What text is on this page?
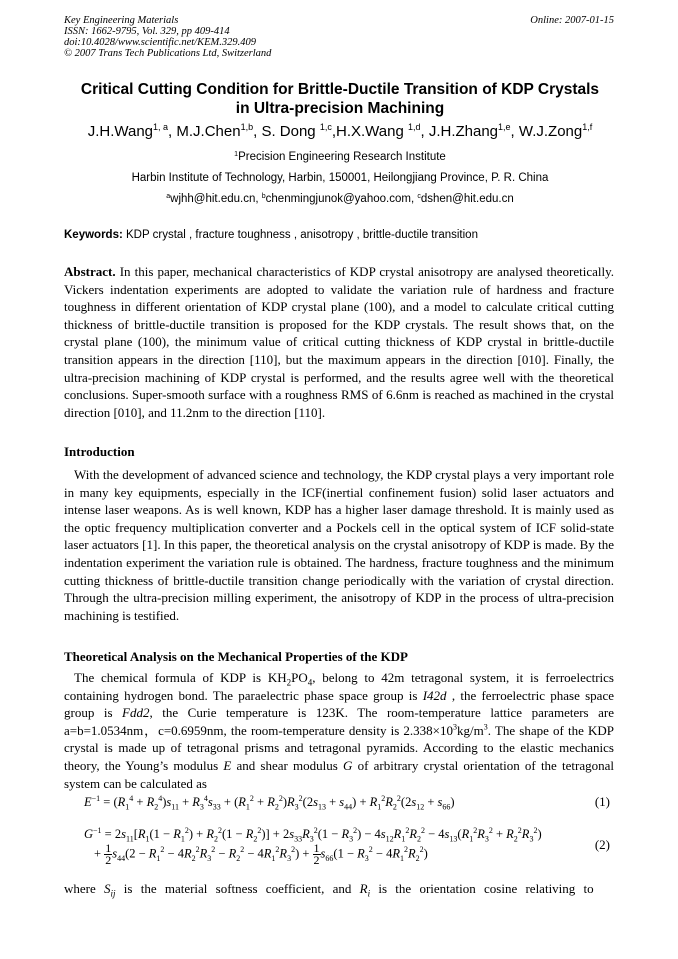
Key Engineering Materials
ISSN: 1662-9795, Vol. 329, pp 409-414
doi:10.4028/www.scientific.net/KEM.329.409
© 2007 Trans Tech Publications Ltd, Switzerland
Online: 2007-01-15
Critical Cutting Condition for Brittle-Ductile Transition of KDP Crystals
in Ultra-precision Machining
J.H.Wang$^{1, a}$, M.J.Chen$^{1,b}$, S. Dong $^{1,c}$,H.X.Wang $^{1,d}$, J.H.Zhang$^{1,e}$, W.J.Zong$^{1,f}$
$^1$Precision Engineering Research Institute
Harbin Institute of Technology, Harbin, 150001, Heilongjiang Province, P. R. China
$^a$wjhh@hit.edu.cn, $^b$chenmingjunok@yahoo.com, $^c$dshen@hit.edu.cn
Keywords: KDP crystal , fracture toughness , anisotropy , brittle-ductile transition
Abstract. In this paper, mechanical characteristics of KDP crystal anisotropy are analysed theoretically. Vickers indentation experiments are adopted to validate the variation rule of hardness and fracture toughness in different orientation of KDP crystal plane (100), and a model to calculate critical cutting thickness of brittle-ductile transition is proposed for the KDP crystals. The result shows that, on the crystal plane (100), the minimum value of critical cutting thickness of KDP crystal in brittle-ductile transition appears in the direction [110], but the maximum appears in the direction [010]. Finally, the ultra-precision machining of KDP crystal is performed, and the results agree well with the theoretical conclusions. Super-smooth surface with a roughness RMS of 6.6nm is reached as machined in the crystal direction [010], and 11.2nm to the direction [110].
Introduction
With the development of advanced science and technology, the KDP crystal plays a very important role in many key equipments, especially in the ICF(inertial confinement fusion) solid laser actuators and intense laser weapons. As is well known, KDP has a higher laser damage threshold. It is mainly used as the optic frequency multiplication converter and a Pockels cell in the optical system of ICF solid-state laser actuators [1]. In this paper, the theoretical analysis on the crystal anisotropy of KDP is made. By the indentation experiment the variation rule is obtained. The hardness, fracture toughness and the minimum cutting thickness of brittle-ductile transition change periodically with the variation of crystal direction. Through the ultra-precision milling experiment, the anisotropy of KDP in the process of ultra-precision machining is testified.
Theoretical Analysis on the Mechanical Properties of the KDP
The chemical formula of KDP is $KH_2PO_4$, belong to 42m tetragonal system, it is ferroelectrics containing hydrogen bond. The paraelectric phase space group is I42d , the ferroelectric phase space group is Fdd2, the Curie temperature is 123K. The room-temperature lattice parameters are a=b=1.0534nm，c=0.6959nm, the room-temperature density is $2.338\times 10^3kg/m^3$. The shape of the KDP crystal is made up of tetragonal prisms and tetragonal pyramids. According to the elastic mechanics theory, the Young’s modulus E and shear modulus G of arbitrary crystal orientation of the tetragonal system can be calculated as
$E^{-1} = (R_1^4 + R_2^4)s_{11} + R_3^4s_{33} + (R_1^2 + R_2^2)R_3^2(2s_{13} + s_{44}) + R_1^2R_2^2(2s_{12} + s_{66})$	(1)
$G^{-1} = 2s_{11}[R_1(1 - R_1^2) + R_2^2(1 - R_2^2)] + 2s_{33}R_3^2(1 - R_3^2) - 4s_{12}R_1^2R_2^2 - 4s_{13}(R_1^2R_3^2 + R_2^2R_3^2)$
+ $\frac{1}{2} s_{44}(2 - R_1^2 - 4R_2^2R_3^2 - R_2^2 - 4R_1^2R_3^2) + \frac{1}{2} s_{66}(1 - R_3^2 - 4R_1^2R_2^2)$
(2)
where $S_{ij}$ is the material softness coefficient, and $R_i$ is the orientation cosine relativing to
